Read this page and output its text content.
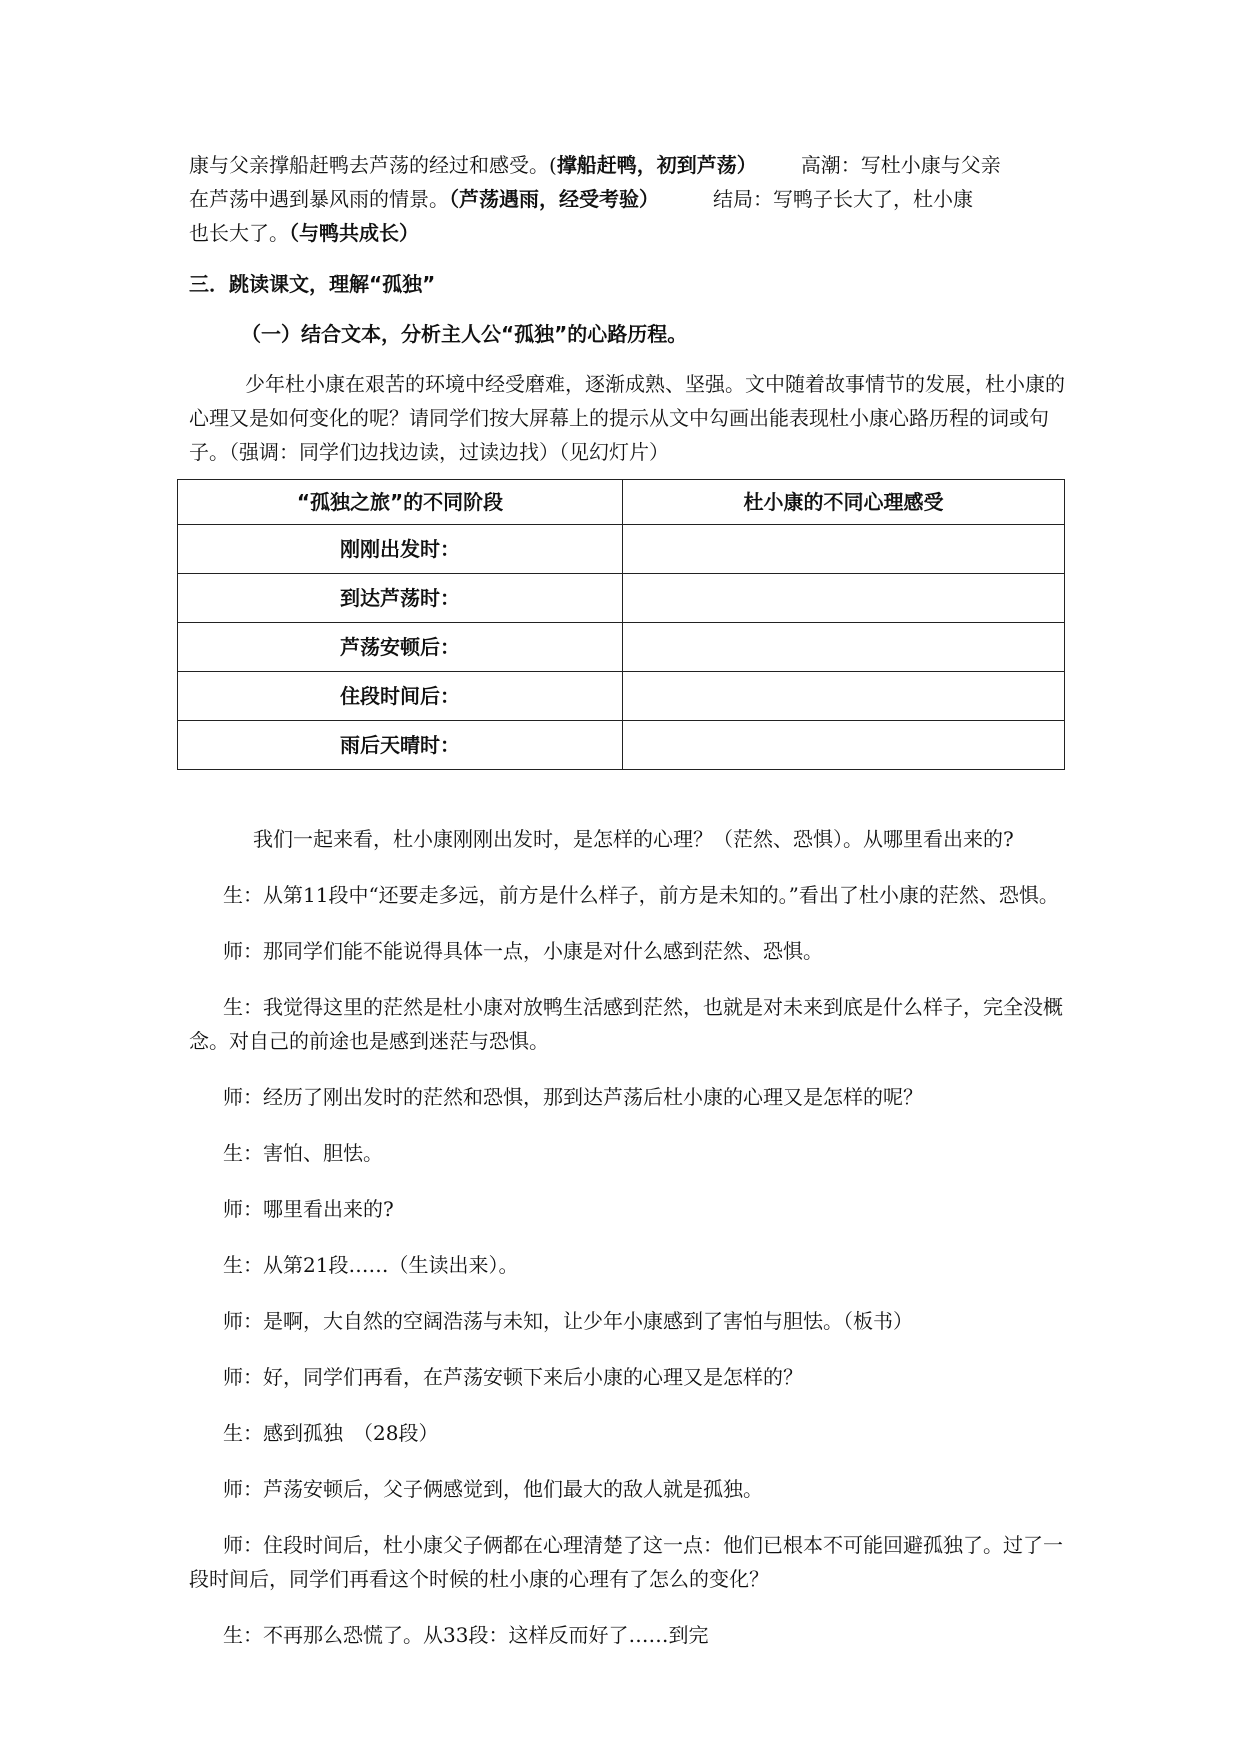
康与父亲撑船赶鸭去芦荡的经过和感受。(撑船赶鸭，初到芦荡） 高潮：写杜小康与父亲
在芦荡中遇到暴风雨的情景。（芦荡遇雨，经受考验）	结局：写鸭子长大了，杜小康
也长大了。（与鸭共成长）

三．跳读课文，理解“孤独”

（一）结合文本，分析主人公“孤独”的心路历程。

少年杜小康在艰苦的环境中经受磨难，逐渐成熟、坚强。文中随着故事情节的发展，杜小康的心理又是如何变化的呢？请同学们按大屏幕上的提示从文中勾画出能表现杜小康心路历程的词或句子。（强调：同学们边找边读，过读边找）（见幻灯片）

“孤独之旅”的不同阶段	杜小康的不同心理感受
刚刚出发时：	
到达芦荡时：	
芦荡安顿后：	
住段时间后：	
雨后天晴时：	

我们一起来看，杜小康刚刚出发时，是怎样的心理？（茫然、恐惧）。从哪里看出来的?

生：从第11段中“还要走多远，前方是什么样子，前方是未知的。”看出了杜小康的茫然、恐惧。

师：那同学们能不能说得具体一点，小康是对什么感到茫然、恐惧。

生：我觉得这里的茫然是杜小康对放鸭生活感到茫然，也就是对未来到底是什么样子，完全没概念。对自己的前途也是感到迷茫与恐惧。

师：经历了刚出发时的茫然和恐惧，那到达芦荡后杜小康的心理又是怎样的呢？

生：害怕、胆怯。

师：哪里看出来的?

生：从第21段……（生读出来）。

师：是啊，大自然的空阔浩荡与未知，让少年小康感到了害怕与胆怯。（板书）

师：好，同学们再看，在芦荡安顿下来后小康的心理又是怎样的？

生：感到孤独　（28段）

师：芦荡安顿后，父子俩感觉到，他们最大的敌人就是孤独。

师：住段时间后，杜小康父子俩都在心理清楚了这一点：他们已根本不可能回避孤独了。过了一段时间后，同学们再看这个时候的杜小康的心理有了怎么的变化？

生：不再那么恐慌了。从33段：这样反而好了……到完
